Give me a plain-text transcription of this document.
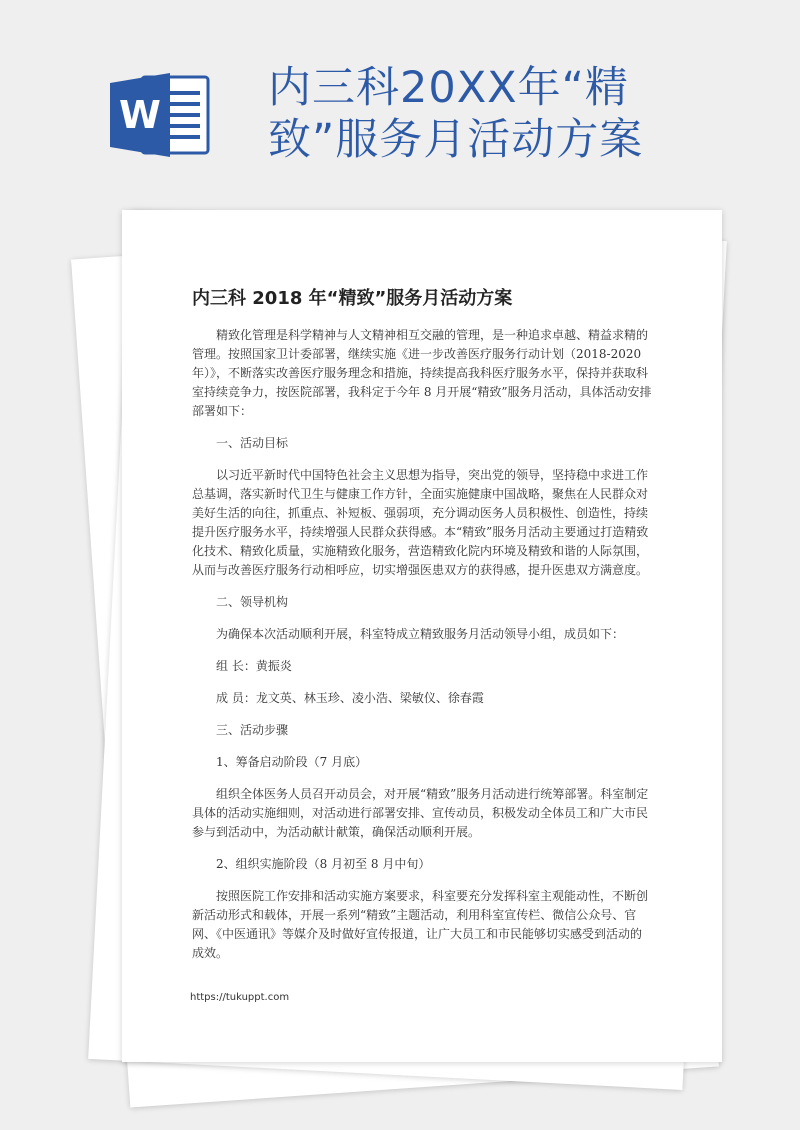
W
内三科20XX年“精致”服务月活动方案
内三科 2018 年“精致”服务月活动方案

精致化管理是科学精神与人文精神相互交融的管理，是一种追求卓越、精益求精的管理。按照国家卫计委部署，继续实施《进一步改善医疗服务行动计划（2018-2020 年）》，不断落实改善医疗服务理念和措施，持续提高我科医疗服务水平，保持并获取科室持续竞争力，按医院部署，我科定于今年 8 月开展“精致”服务月活动，具体活动安排部署如下：

一、活动目标

以习近平新时代中国特色社会主义思想为指导，突出党的领导，坚持稳中求进工作总基调，落实新时代卫生与健康工作方针，全面实施健康中国战略，聚焦在人民群众对美好生活的向往，抓重点、补短板、强弱项，充分调动医务人员积极性、创造性，持续提升医疗服务水平，持续增强人民群众获得感。本“精致”服务月活动主要通过打造精致化技术、精致化质量，实施精致化服务，营造精致化院内环境及精致和谐的人际氛围，从而与改善医疗服务行动相呼应，切实增强医患双方的获得感，提升医患双方满意度。

二、领导机构

为确保本次活动顺利开展，科室特成立精致服务月活动领导小组，成员如下：

组 长：黄振炎

成 员：龙文英、林玉珍、凌小浩、梁敏仪、徐春霞

三、活动步骤

1、筹备启动阶段（7 月底）

组织全体医务人员召开动员会，对开展“精致”服务月活动进行统筹部署。科室制定具体的活动实施细则，对活动进行部署安排、宣传动员，积极发动全体员工和广大市民参与到活动中，为活动献计献策，确保活动顺利开展。

2、组织实施阶段（8 月初至 8 月中旬）

按照医院工作安排和活动实施方案要求，科室要充分发挥科室主观能动性，不断创新活动形式和载体，开展一系列“精致”主题活动，利用科室宣传栏、微信公众号、官网、《中医通讯》等媒介及时做好宣传报道，让广大员工和市民能够切实感受到活动的成效。

https://tukuppt.com
